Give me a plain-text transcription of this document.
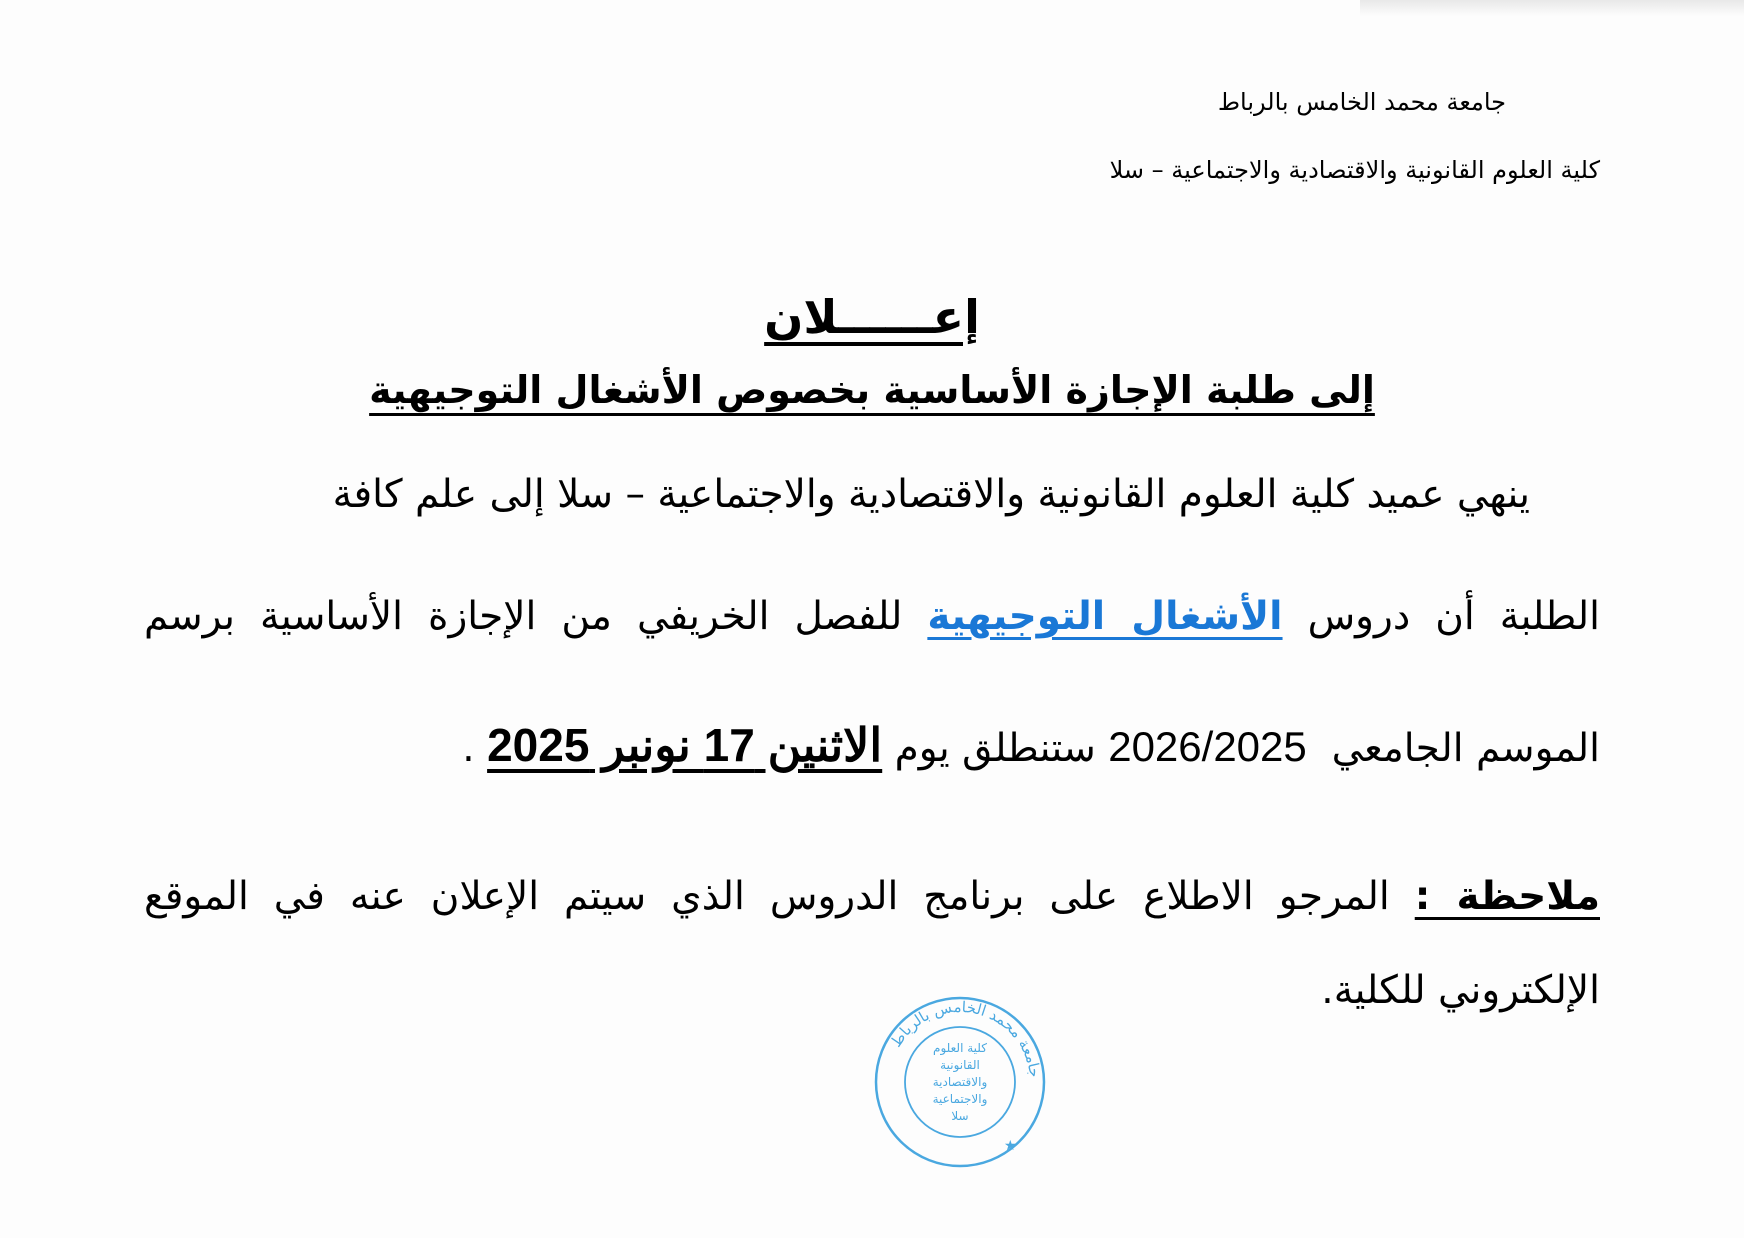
جامعة محمد الخامس بالرباط
كلية العلوم القانونية والاقتصادية والاجتماعية – سلا
إعــــــلان
إلى طلبة الإجازة الأساسية بخصوص الأشغال التوجيهية
ينهي عميد كلية العلوم القانونية والاقتصادية والاجتماعية – سلا إلى علم كافة
الطلبة أن دروس الأشغال التوجيهية للفصل الخريفي من الإجازة الأساسية برسم
الموسم الجامعي  2026/2025 ستنطلق يوم الاثنين 17 نونبر 2025 .
ملاحظة : المرجو الاطلاع على برنامج الدروس الذي سيتم الإعلان عنه في الموقع
الإلكتروني للكلية.
جامعة محمد الخامس بالرباط
كلية العلوم
القانونية
والاقتصادية
والاجتماعية
سلا
★
